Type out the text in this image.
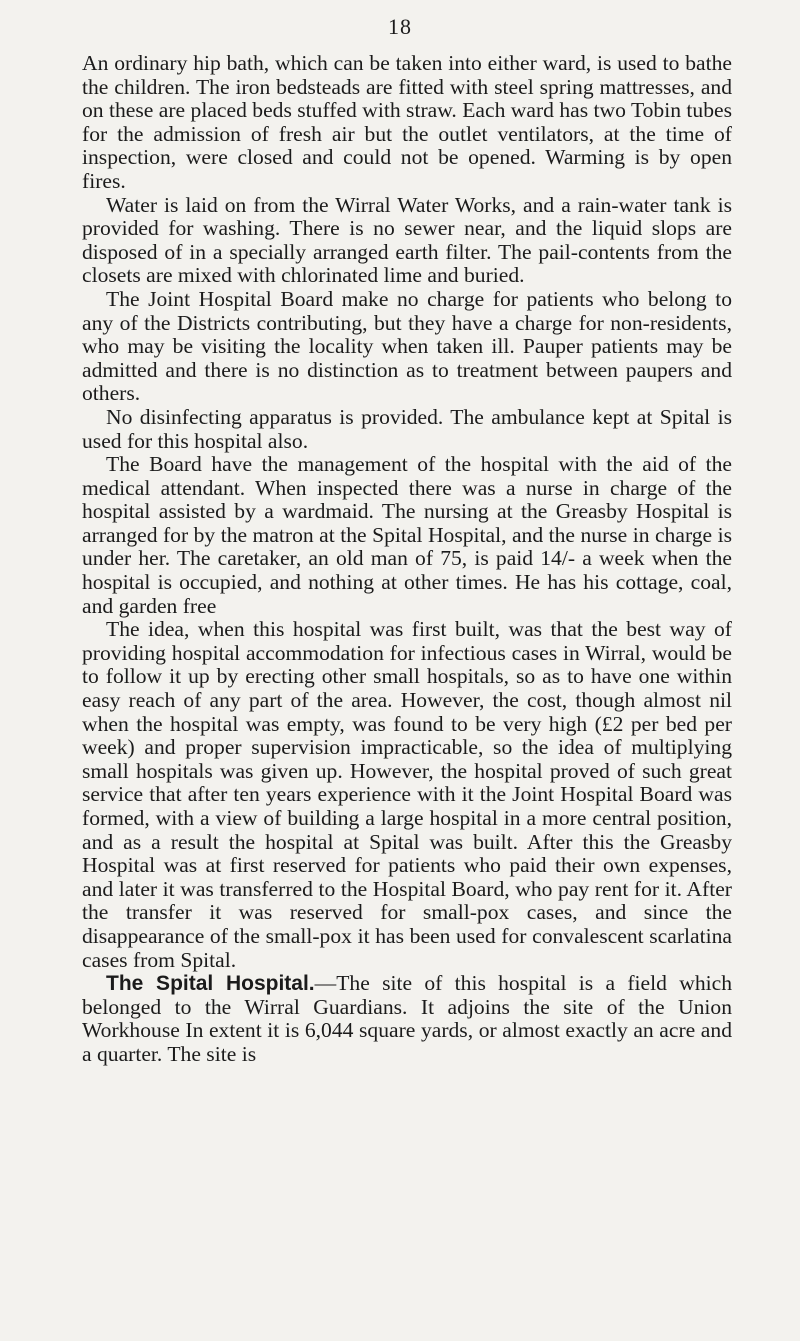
18

An ordinary hip bath, which can be taken into either ward, is used to bathe the children. The iron bedsteads are fitted with steel spring mattresses, and on these are placed beds stuffed with straw. Each ward has two Tobin tubes for the admission of fresh air but the outlet ventilators, at the time of inspection, were closed and could not be opened. Warming is by open fires.

Water is laid on from the Wirral Water Works, and a rain-water tank is provided for washing. There is no sewer near, and the liquid slops are disposed of in a specially arranged earth filter. The pail-contents from the closets are mixed with chlorinated lime and buried.

The Joint Hospital Board make no charge for patients who belong to any of the Districts contributing, but they have a charge for non-residents, who may be visiting the locality when taken ill. Pauper patients may be admitted and there is no distinction as to treatment between paupers and others.

No disinfecting apparatus is provided. The ambulance kept at Spital is used for this hospital also.

The Board have the management of the hospital with the aid of the medical attendant. When inspected there was a nurse in charge of the hospital assisted by a wardmaid. The nursing at the Greasby Hospital is arranged for by the matron at the Spital Hospital, and the nurse in charge is under her. The caretaker, an old man of 75, is paid 14/- a week when the hospital is occupied, and nothing at other times. He has his cottage, coal, and garden free

The idea, when this hospital was first built, was that the best way of providing hospital accommodation for infectious cases in Wirral, would be to follow it up by erecting other small hospitals, so as to have one within easy reach of any part of the area. However, the cost, though almost nil when the hospital was empty, was found to be very high (£2 per bed per week) and proper supervision impracticable, so the idea of multiplying small hospitals was given up. However, the hospital proved of such great service that after ten years experience with it the Joint Hospital Board was formed, with a view of building a large hospital in a more central position, and as a result the hospital at Spital was built. After this the Greasby Hospital was at first reserved for patients who paid their own expenses, and later it was transferred to the Hospital Board, who pay rent for it. After the transfer it was reserved for small-pox cases, and since the disappearance of the small-pox it has been used for convalescent scarlatina cases from Spital.

The Spital Hospital.—The site of this hospital is a field which belonged to the Wirral Guardians. It adjoins the site of the Union Workhouse In extent it is 6,044 square yards, or almost exactly an acre and a quarter. The site is
